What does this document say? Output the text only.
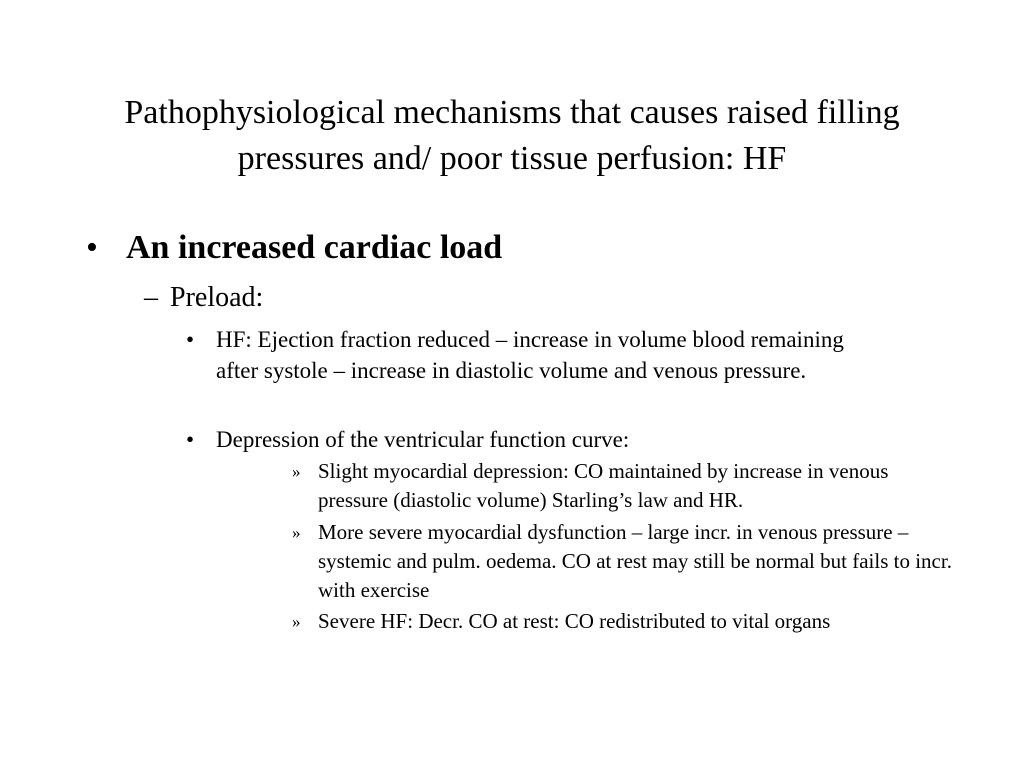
Pathophysiological mechanisms that causes raised filling pressures and/ poor tissue perfusion: HF
• An increased cardiac load
– Preload:
• HF: Ejection fraction reduced – increase in volume blood remaining after systole – increase in diastolic volume and venous pressure.
• Depression of the ventricular function curve:
» Slight myocardial depression: CO maintained by increase in venous pressure (diastolic volume) Starling’s law and HR.
» More severe myocardial dysfunction – large incr. in venous pressure – systemic and pulm. oedema. CO at rest may still be normal but fails to incr. with exercise
» Severe HF: Decr. CO at rest: CO redistributed to vital organs
